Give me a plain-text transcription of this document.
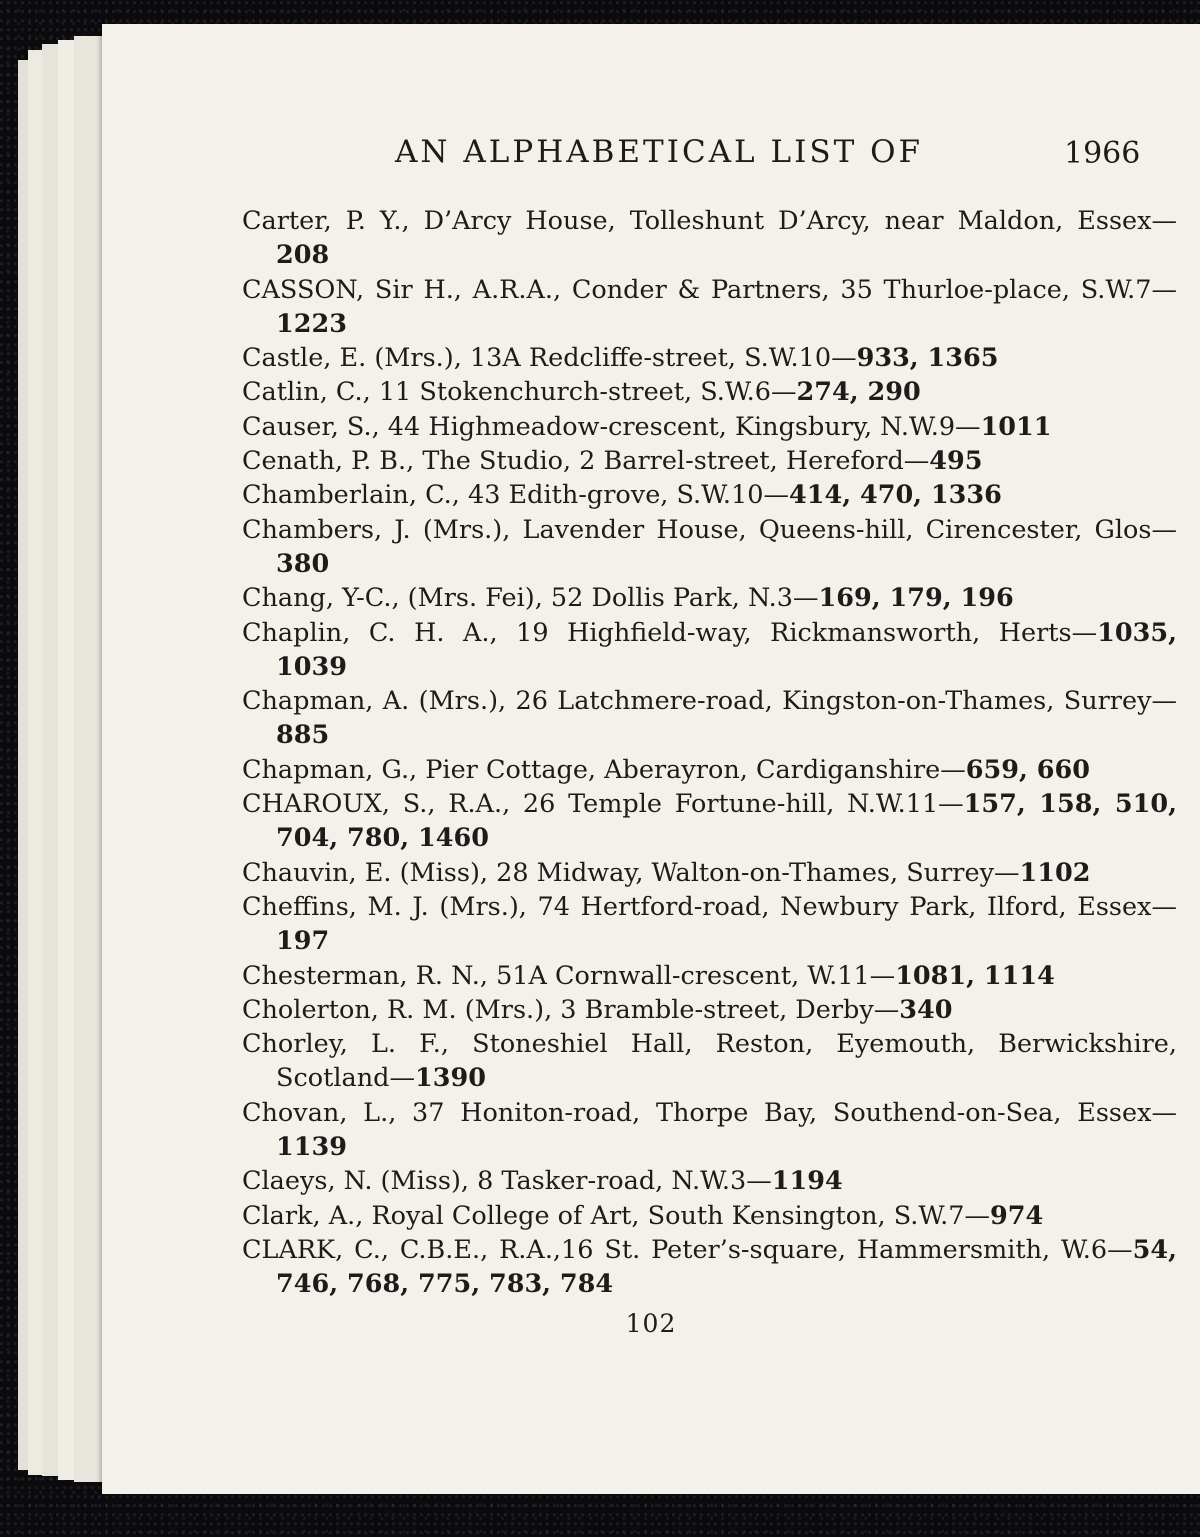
AN ALPHABETICAL LIST OF	1966
Carter, P. Y., D’Arcy House, Tolleshunt D’Arcy, near Maldon, Essex—208
CASSON, Sir H., A.R.A., Conder & Partners, 35 Thurloe-place, S.W.7—1223
Castle, E. (Mrs.), 13A Redcliffe-street, S.W.10—933, 1365
Catlin, C., 11 Stokenchurch-street, S.W.6—274, 290
Causer, S., 44 Highmeadow-crescent, Kingsbury, N.W.9—1011
Cenath, P. B., The Studio, 2 Barrel-street, Hereford—495
Chamberlain, C., 43 Edith-grove, S.W.10—414, 470, 1336
Chambers, J. (Mrs.), Lavender House, Queens-hill, Cirencester, Glos—380
Chang, Y-C., (Mrs. Fei), 52 Dollis Park, N.3—169, 179, 196
Chaplin, C. H. A., 19 Highfield-way, Rickmansworth, Herts—1035, 1039
Chapman, A. (Mrs.), 26 Latchmere-road, Kingston-on-Thames, Surrey—885
Chapman, G., Pier Cottage, Aberayron, Cardiganshire—659, 660
CHAROUX, S., R.A., 26 Temple Fortune-hill, N.W.11—157, 158, 510, 704, 780, 1460
Chauvin, E. (Miss), 28 Midway, Walton-on-Thames, Surrey—1102
Cheffins, M. J. (Mrs.), 74 Hertford-road, Newbury Park, Ilford, Essex—197
Chesterman, R. N., 51A Cornwall-crescent, W.11—1081, 1114
Cholerton, R. M. (Mrs.), 3 Bramble-street, Derby—340
Chorley, L. F., Stoneshiel Hall, Reston, Eyemouth, Berwickshire, Scotland—1390
Chovan, L., 37 Honiton-road, Thorpe Bay, Southend-on-Sea, Essex—1139
Claeys, N. (Miss), 8 Tasker-road, N.W.3—1194
Clark, A., Royal College of Art, South Kensington, S.W.7—974
CLARK, C., C.B.E., R.A.,16 St. Peter’s-square, Hammersmith, W.6—54, 746, 768, 775, 783, 784
102
